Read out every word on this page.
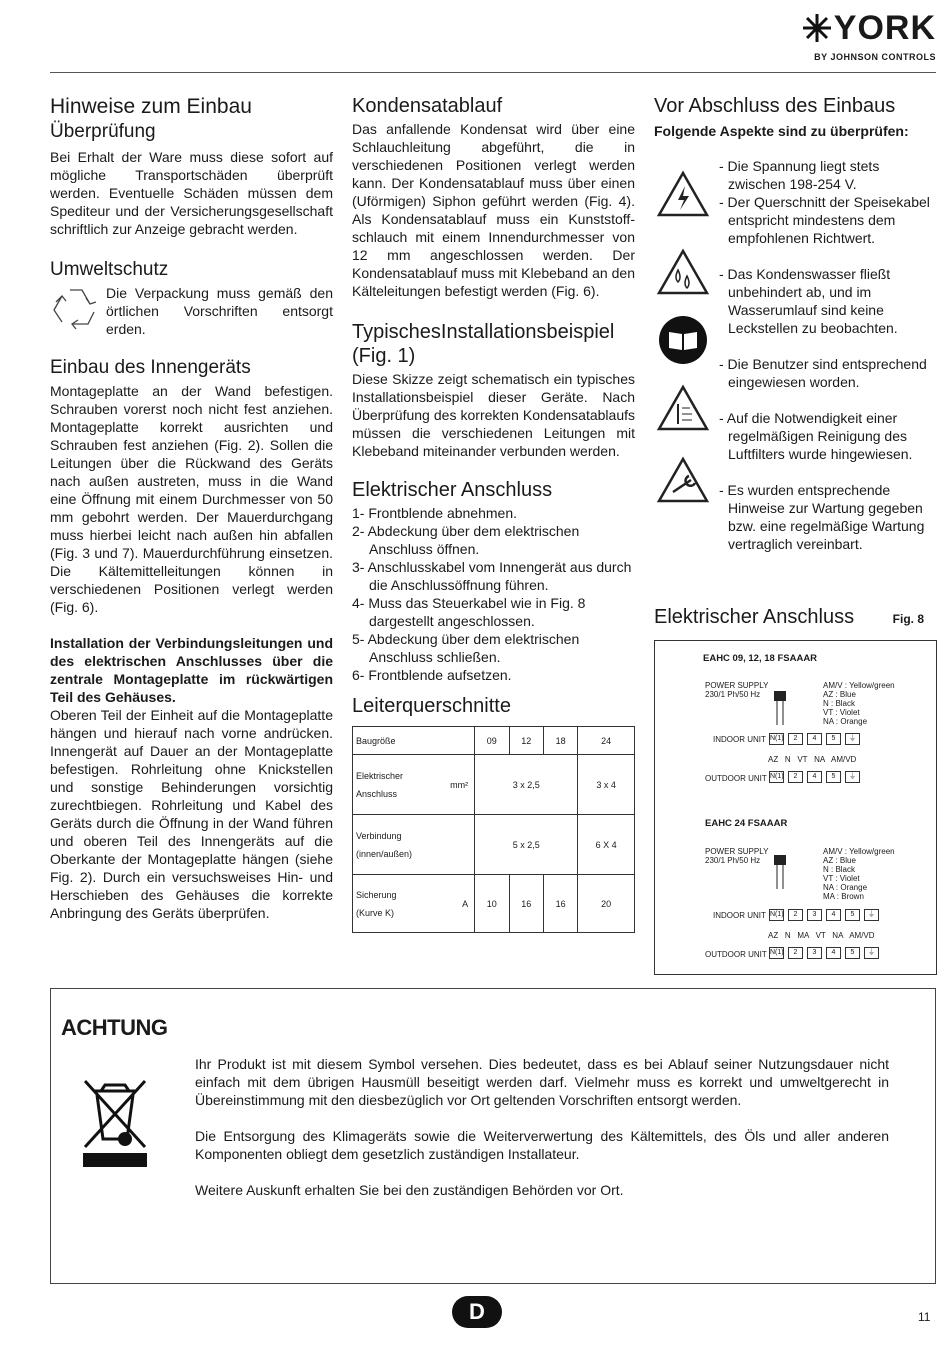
YORK
BY JOHNSON CONTROLS
Hinweise zum Einbau
Überprüfung

Bei Erhalt der Ware muss diese sofort auf mögliche Transportschäden überprüft werden. Eventuelle Schäden müssen dem Spediteur und der Versicherungsgesellschaft schriftlich zur Anzeige gebracht werden.

Umweltschutz

Die Verpackung muss gemäß den örtlichen Vorschriften entsorgt erden.

Einbau des Innengeräts

Montageplatte an der Wand befestigen. Schrauben vorerst noch nicht fest anziehen. Montageplatte korrekt ausrichten und Schrauben fest anziehen (Fig. 2). Sollen die Leitungen über die Rückwand des Geräts nach außen austreten, muss in die Wand eine Öffnung mit einem Durchmesser von 50 mm gebohrt werden. Der Mauerdurchgang muss hierbei leicht nach außen hin abfallen (Fig. 3 und 7). Mauerdurchführung einsetzen. Die Kältemittelleitungen können in verschiedenen Positionen verlegt werden (Fig. 6).

Installation der Verbindungsleitungen und des elektrischen Anschlusses über die zentrale Montageplatte im rückwärtigen Teil des Gehäuses.

Oberen Teil der Einheit auf die Montageplatte hängen und hierauf nach vorne andrücken. Innengerät auf Dauer an der Montageplatte befestigen. Rohrleitung ohne Knickstellen und sonstige Behinderungen vorsichtig zurechtbiegen. Rohrleitung und Kabel des Geräts durch die Öffnung in der Wand führen und oberen Teil des Innengeräts auf die Oberkante der Montageplatte hängen (siehe Fig. 2). Durch ein versuchsweises Hin- und Herschieben des Gehäuses die korrekte Anbringung des Geräts überprüfen.

Kondensatablauf

Das anfallende Kondensat wird über eine Schlauchleitung abgeführt, die in verschiedenen Positionen verlegt werden kann. Der Kondensatablauf muss über einen (Uförmigen) Siphon geführt werden (Fig. 4). Als Kondensatablauf muss ein Kunststoffschlauch mit einem Innendurchmesser von 12 mm angeschlossen werden. Der Kondensatablauf muss mit Klebeband an den Kälteleitungen befestigt werden (Fig. 6).

TypischesInstallationsbeispiel (Fig. 1)

Diese Skizze zeigt schematisch ein typisches Installationsbeispiel dieser Geräte. Nach Überprüfung des korrekten Kondensatablaufs müssen die verschiedenen Leitungen mit Klebeband miteinander verbunden werden.

Elektrischer Anschluss
1- Frontblende abnehmen.
2- Abdeckung über dem elektrischen Anschluss öffnen.
3- Anschlusskabel vom Innengerät aus durch die Anschlussöffnung führen.
4- Muss das Steuerkabel wie in Fig. 8 dargestellt angeschlossen.
5- Abdeckung über dem elektrischen Anschluss schließen.
6- Frontblende aufsetzen.
Leiterquerschnitte
Baugröße		09	12	18	24
Elektrischer Anschluss	mm²	3 x 2,5			3 x 4
Verbindung (innen/außen)		5 x 2,5			6 X 4
Sicherung (Kurve K)	A	10	16	16	20
Vor Abschluss des Einbaus
Folgende Aspekte sind zu überprüfen:
- Die Spannung liegt stets zwischen 198-254 V.
- Der Querschnitt der Speisekabel entspricht mindestens dem empfohlenen Richtwert.
- Das Kondenswasser fließt unbehindert ab, und im Wasserumlauf sind keine Leckstellen zu beobachten.
- Die Benutzer sind entsprechend eingewiesen worden.
- Auf die Notwendigkeit einer regelmäßigen Reinigung des Luftfilters wurde hingewiesen.
- Es wurden entsprechende Hinweise zur Wartung gegeben bzw. eine regelmäßige Wartung vertraglich vereinbart.
Elektrischer Anschluss	Fig. 8
EAHC 09, 12, 18 FSAAAR
POWER SUPPLY
230/1 Ph/50 Hz
AM/V : Yellow/green
AZ : Blue
N : Black
VT : Violet
NA : Orange
INDOOR UNIT N(1) 2 4 5 ⏚
AZ   N   VT   NA   AM/VD
OUTDOOR UNIT N(1) 2 4 5 ⏚
EAHC 24 FSAAAR
POWER SUPPLY
230/1 Ph/50 Hz
AM/V : Yellow/green
AZ : Blue
N : Black
VT : Violet
NA : Orange
MA : Brown
INDOOR UNIT N(1) 2 3 4 5 ⏚
AZ   N   MA   VT   NA   AM/VD
OUTDOOR UNIT N(1) 2 3 4 5 ⏚
ACHTUNG

Ihr Produkt ist mit diesem Symbol versehen. Dies bedeutet, dass es bei Ablauf seiner Nutzungsdauer nicht einfach mit dem übrigen Hausmüll beseitigt werden darf. Vielmehr muss es korrekt und umweltgerecht in Übereinstimmung mit den diesbezüglich vor Ort geltenden Vorschriften entsorgt werden.

Die Entsorgung des Klimageräts sowie die Weiterverwertung des Kältemittels, des Öls und aller anderen Komponenten obliegt dem gesetzlich zuständigen Installateur.

Weitere Auskunft erhalten Sie bei den zuständigen Behörden vor Ort.

D	11
